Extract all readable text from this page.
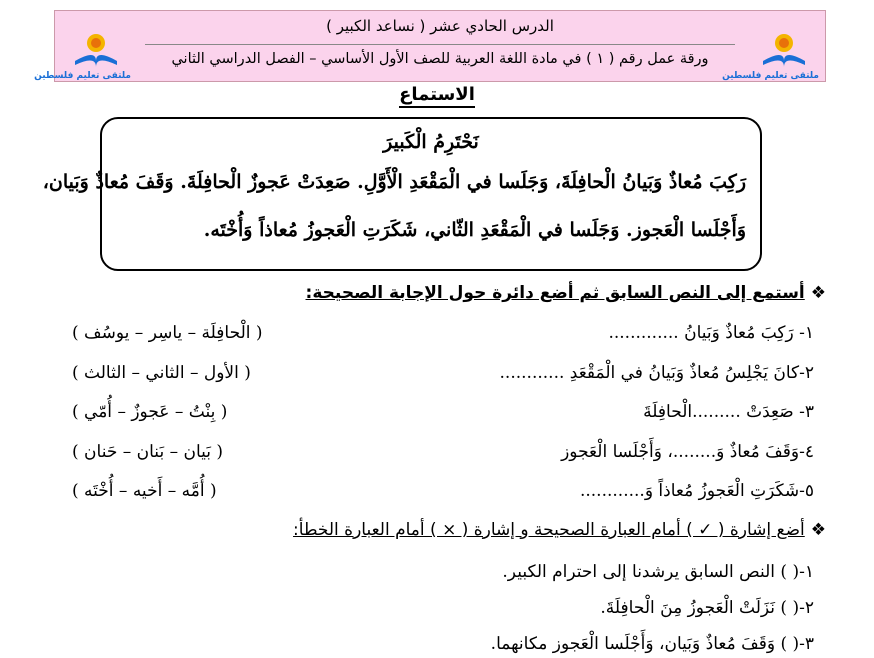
الدرس الحادي عشر ( نساعد الكبير )
ورقة عمل رقم ( ١ ) في مادة اللغة العربية للصف الأول الأساسي – الفصل الدراسي الثاني
ملتقى تعليم فلسطين
ملتقى تعليم فلسطين
الاستماع
نَحْتَرِمُ الْكَبيرَ
رَكِبَ مُعاذٌ وَبَيانُ الْحافِلَةَ، وَجَلَسا في الْمَقْعَدِ الْأَوَّلِ. صَعِدَتْ عَجوزٌ الْحافِلَةَ. وَقَفَ مُعاذٌ وَبَيان،
وَأَجْلَسا الْعَجوز. وَجَلَسا في الْمَقْعَدِ الثّاني، شَكَرَتِ الْعَجوزُ مُعاذاً وَأُخْتَه.
❖أستمع إلى النص السابق ثم أضع دائرة حول الإجابة الصحيحة:
١- رَكِبَ مُعاذٌ وَبَيانُ .............
( الْحافِلَة – ياسِر – يوسُف )
٢-كانَ يَجْلِسُ مُعاذٌ وَبَيانُ في الْمَقْعَدِ ............
( الأول – الثاني – الثالث )
٣- صَعِدَتْ .........الْحافِلَةَ
( بِنْتُ – عَجوزٌ – أُمّي )
٤-وَقَفَ مُعاذٌ وَ........، وَأَجْلَسا الْعَجوز
( بَيان – بَنان – حَنان )
٥-شَكَرَتِ الْعَجوزُ مُعاذاً وَ............
( أُمَّه – أَخيه – أُخْتَه )
❖أضع إشارة ( ✓ ) أمام العبارة الصحيحة و إشارة ( × ) أمام العبارة الخطأ:
١-( ) النص السابق يرشدنا إلى احترام الكبير.
٢-( ) نَزَلَتْ الْعَجوزُ مِنَ الْحافِلَةَ.
٣-( ) وَقَفَ مُعاذٌ وَبَيان، وَأَجْلَسا الْعَجوز مكانهما.
